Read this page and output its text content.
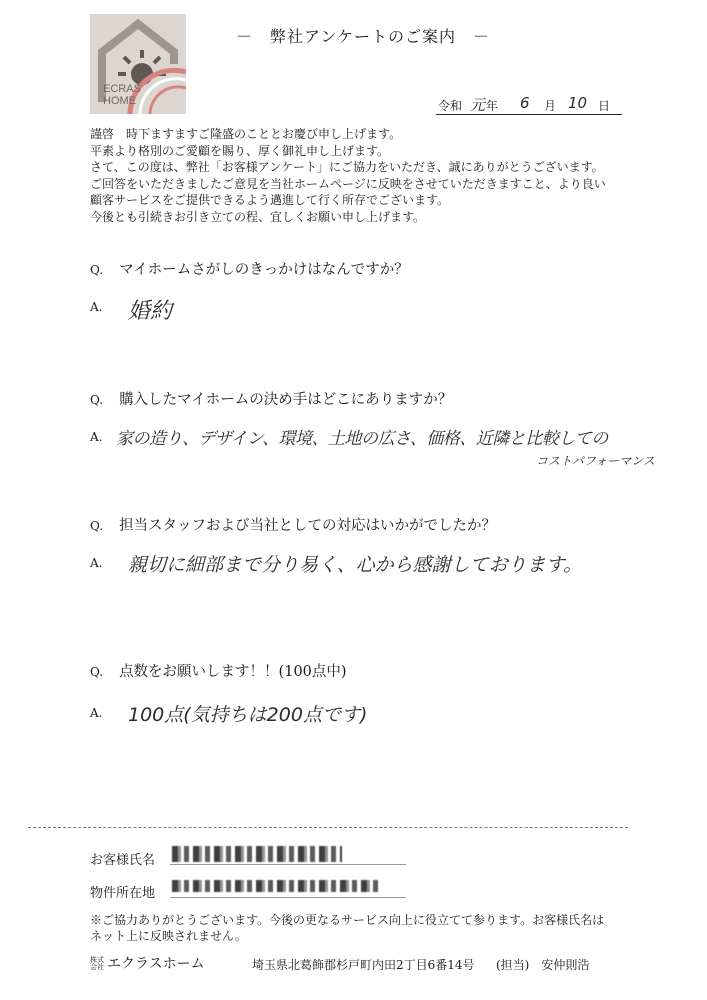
ECRAS
HOME
－　弊社アンケートのご案内　－
令和 元 年 6 月 10 日
謹啓　時下ますますご隆盛のこととお慶び申し上げます。
平素より格別のご愛顧を賜り、厚く御礼申し上げます。
さて、この度は、弊社「お客様アンケート」にご協力をいただき、誠にありがとうございます。
ご回答をいただきましたご意見を当社ホームページに反映をさせていただきますこと、より良い
顧客サービスをご提供できるよう邁進して行く所存でございます。
今後とも引続きお引き立ての程、宜しくお願い申し上げます。
Q. マイホームさがしのきっかけはなんですか？
A. 婚約
Q. 購入したマイホームの決め手はどこにありますか？
A. 家の造り、デザイン、環境、土地の広さ、価格、近隣と比較しての
コストパフォーマンス
Q. 担当スタッフおよび当社としての対応はいかがでしたか？
A. 親切に細部まで分り易く、心から感謝しております。
Q. 点数をお願いします！！(100点中)
A. 100点(気持ちは200点です)
お客様氏名
物件所在地
※ご協力ありがとうございます。今後の更なるサービス向上に役立てて参ります。お客様氏名は
ネット上に反映されません。
株式
会社 エクラスホーム	埼玉県北葛飾郡杉戸町内田2丁目6番14号 (担当)　安仲則浩
